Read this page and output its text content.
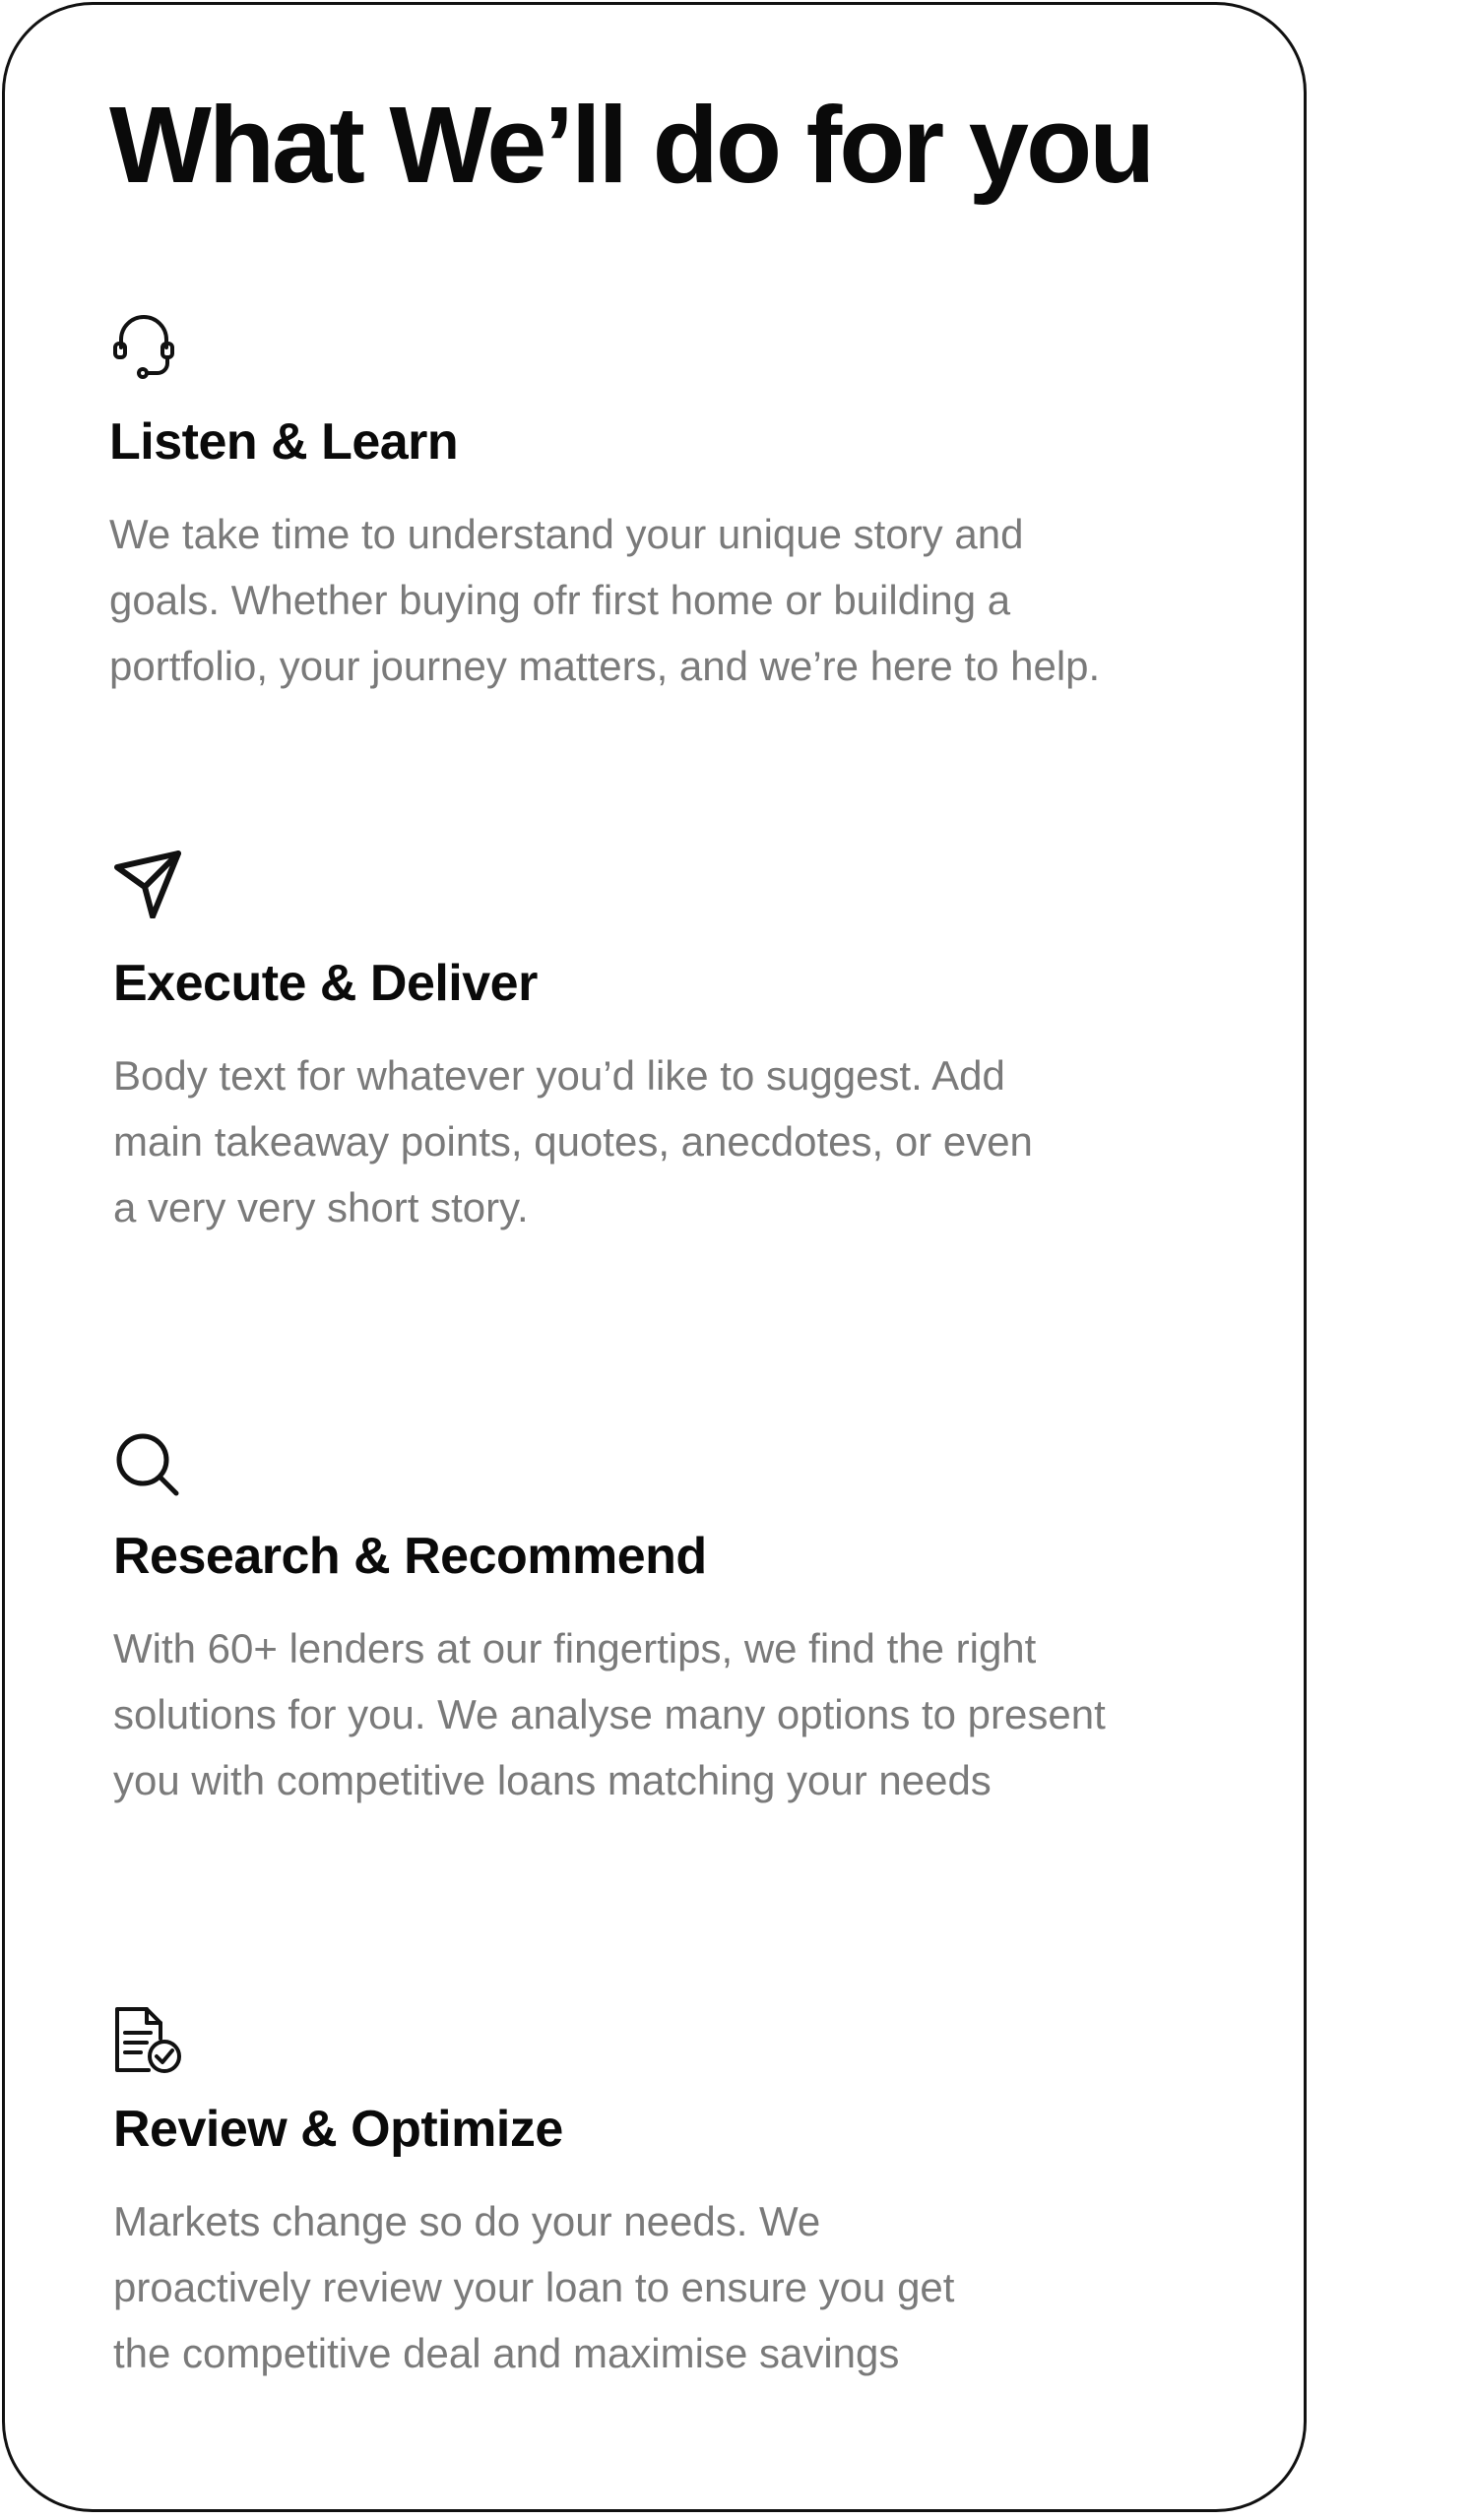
What We’ll do for you
Listen & Learn

We take time to understand your unique story and
goals. Whether buying ofr first home or building a
portfolio, your journey matters, and we’re here to help.

Execute & Deliver

Body text for whatever you’d like to suggest. Add
main takeaway points, quotes, anecdotes, or even
a very very short story.

Research & Recommend

With 60+ lenders at our fingertips, we find the right
solutions for you. We analyse many options to present
you with competitive loans matching your needs

Review & Optimize

Markets change so do your needs. We
proactively review your loan to ensure you get
the competitive deal and maximise savings
